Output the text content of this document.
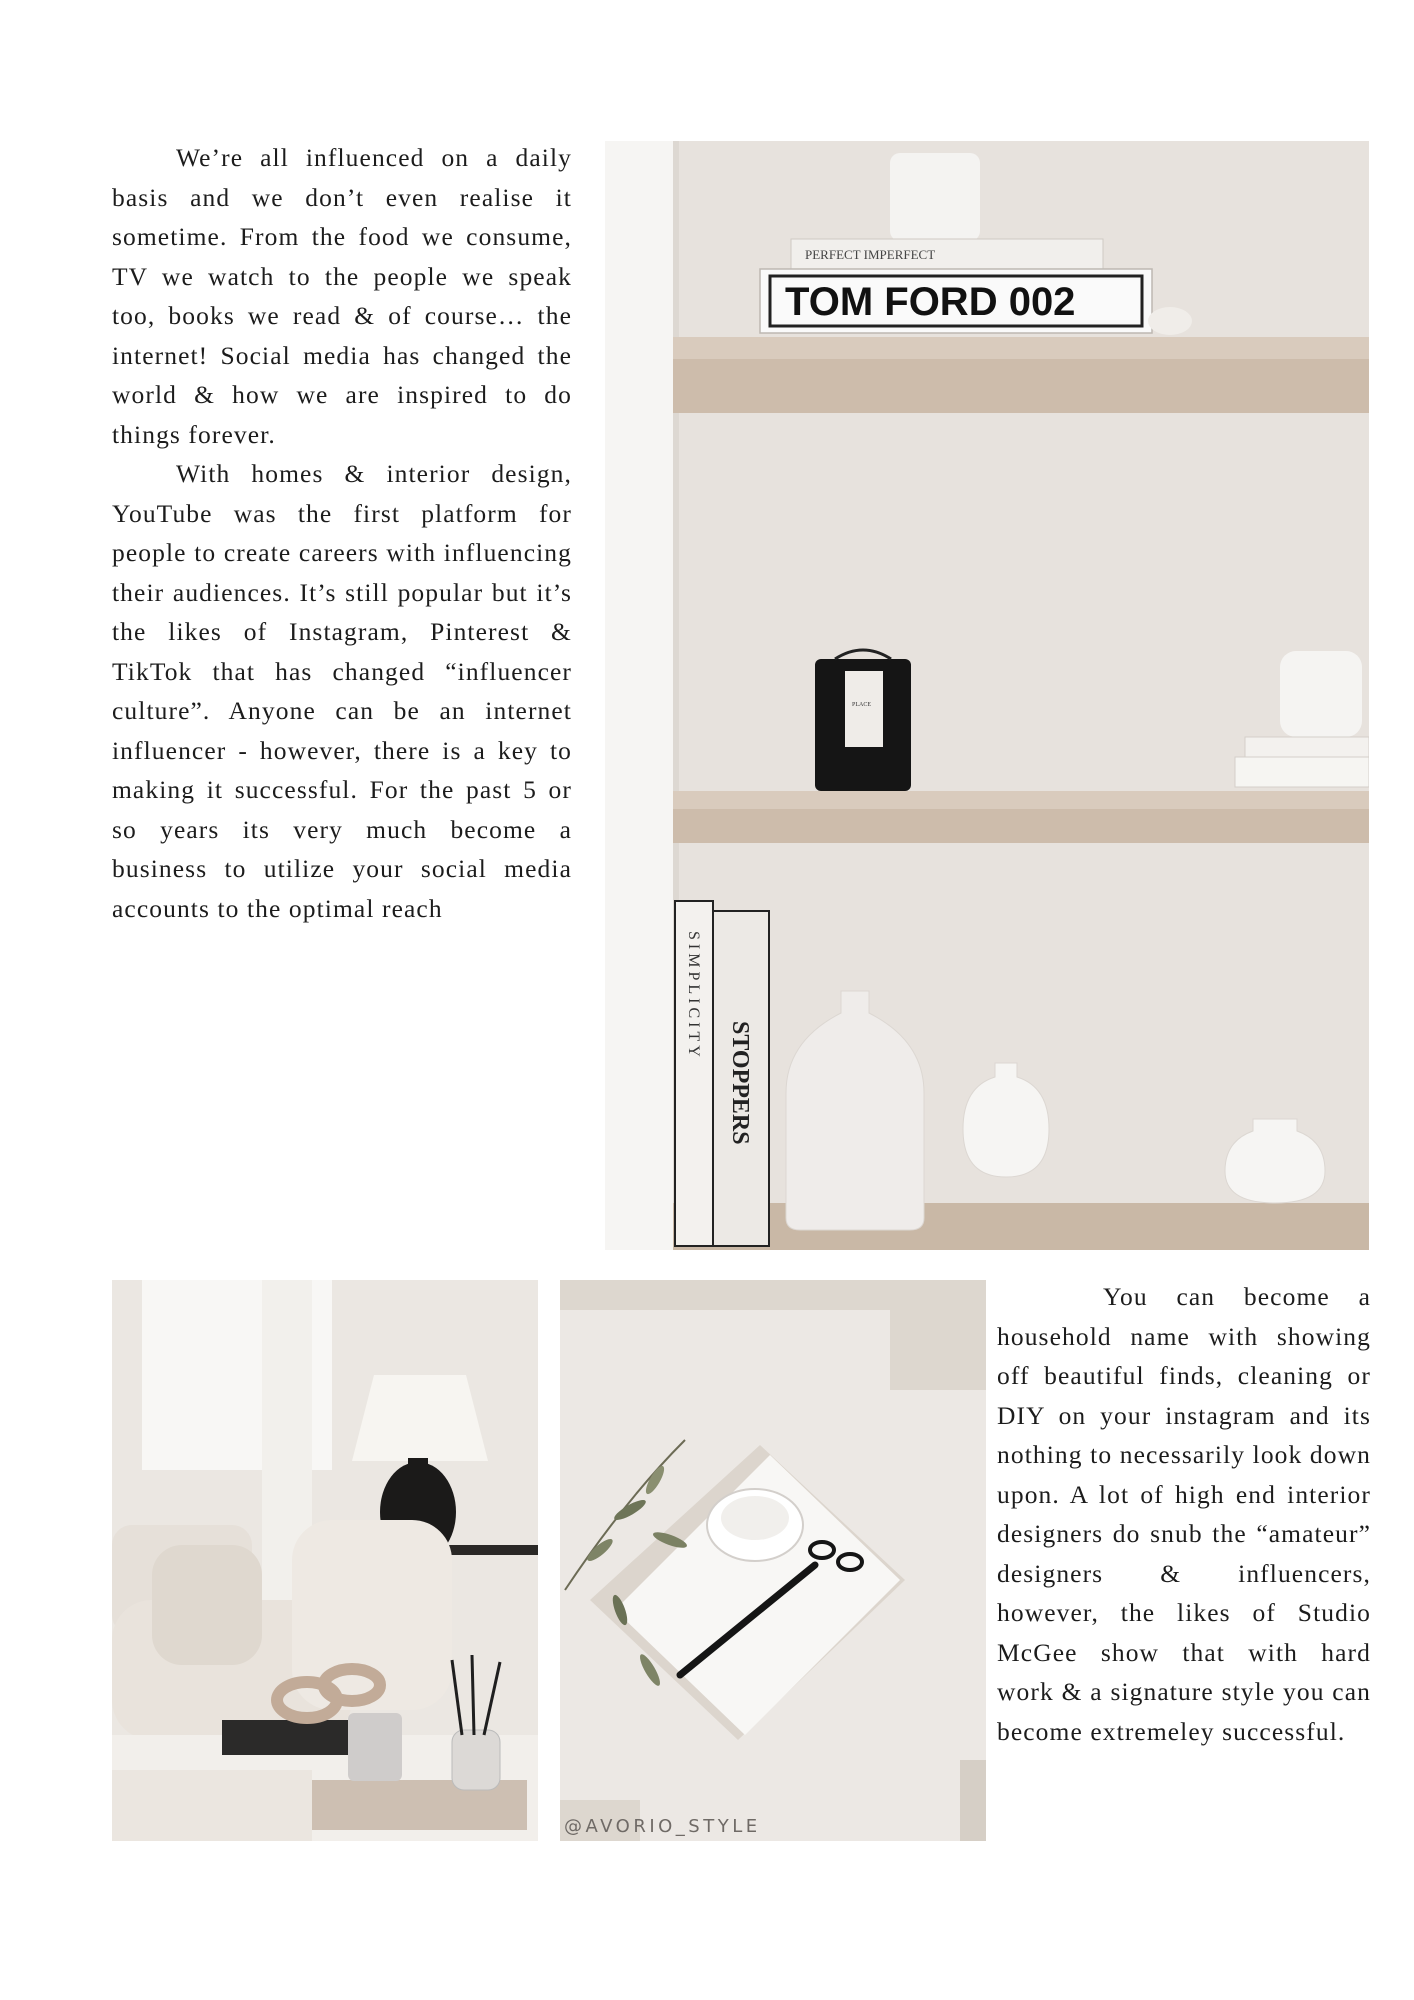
We’re all influenced on a daily basis and we don’t even realise it sometime. From the food we consume, TV we watch to the people we speak too, books we read & of course… the internet! Social media has changed the world & how we are inspired to do things forever.

With homes & interior design, YouTube was the first platform for people to create careers with influencing their audiences. It’s still popular but it’s the likes of Instagram, Pinterest & TikTok that has changed “influencer culture”. Anyone can be an internet influencer - however, there is a key to making it successful. For the past 5 or so years its very much become a business to utilize your social media accounts to the optimal reach

PERFECT IMPERFECT
TOM FORD 002
PLACE
SIMPLICITY
STOPPERS
@AVORIO_STYLE

You can become a household name with showing off beautiful finds, cleaning or DIY on your instagram and its nothing to necessarily look down upon. A lot of high end interior designers do snub the “amateur” designers & influencers, however, the likes of Studio McGee show that with hard work & a signature style you can become extremeley successful.
